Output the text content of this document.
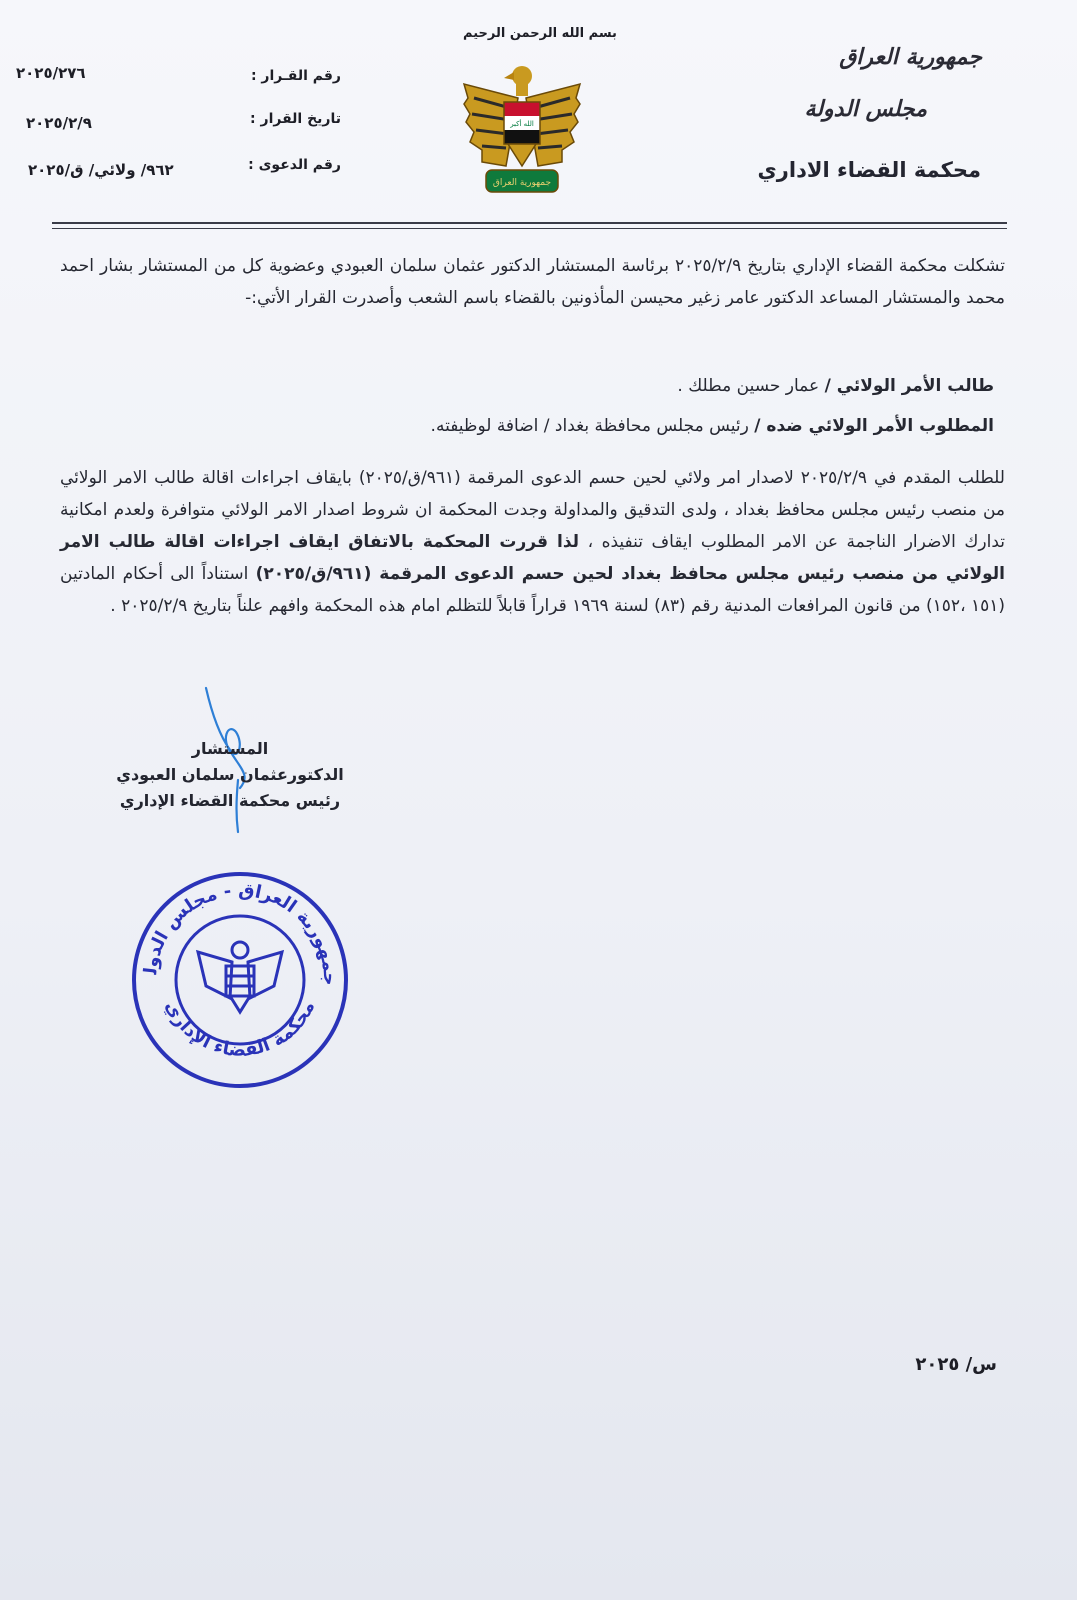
بسم الله الرحمن الرحيم
جمهورية العراق
مجلس الدولة
محكمة القضاء الاداري
الله أكبر
جمهورية العراق
رقم القـرار :
٢٠٢٥/٢٧٦
تاريخ القرار :
٢٠٢٥/٢/٩
رقم الدعوى :
٩٦٢/ ولائي/ ق/٢٠٢٥
تشكلت محكمة القضاء الإداري بتاريخ ٢٠٢٥/٢/٩ برئاسة المستشار الدكتور عثمان سلمان العبودي وعضوية كل من المستشار بشار احمد محمد والمستشار المساعد الدكتور عامر زغير محيسن المأذونين بالقضاء باسم الشعب وأصدرت القرار الأتي:-
طالب الأمر الولائي / عمار حسين مطلك .
المطلوب الأمر الولائي ضده / رئيس مجلس محافظة بغداد / اضافة لوظيفته.
للطلب المقدم في ٢٠٢٥/٢/٩ لاصدار امر ولائي لحين حسم الدعوى المرقمة (٩٦١/ق/٢٠٢٥) بايقاف اجراءات اقالة طالب الامر الولائي من منصب رئيس مجلس محافظ بغداد ، ولدى التدقيق والمداولة وجدت المحكمة ان شروط اصدار الامر الولائي متوافرة ولعدم امكانية تدارك الاضرار الناجمة عن الامر المطلوب ايقاف تنفيذه ، لذا قررت المحكمة بالاتفاق ايقاف اجراءات اقالة طالب الامر الولائي من منصب رئيس مجلس محافظ بغداد لحين حسم الدعوى المرقمة (٩٦١/ق/٢٠٢٥) استناداً الى أحكام المادتين (١٥١ ،١٥٢) من قانون المرافعات المدنية رقم (٨٣) لسنة ١٩٦٩ قراراً قابلاً للتظلم امام هذه المحكمة وافهم علناً بتاريخ ٢٠٢٥/٢/٩ .
المستشار
الدكتورعثمان سلمان العبودي
رئيس محكمة القضاء الإداري
جمهورية العراق - مجلس الدول
محكمة القضاء الإداري
س/ ٢٠٢٥
